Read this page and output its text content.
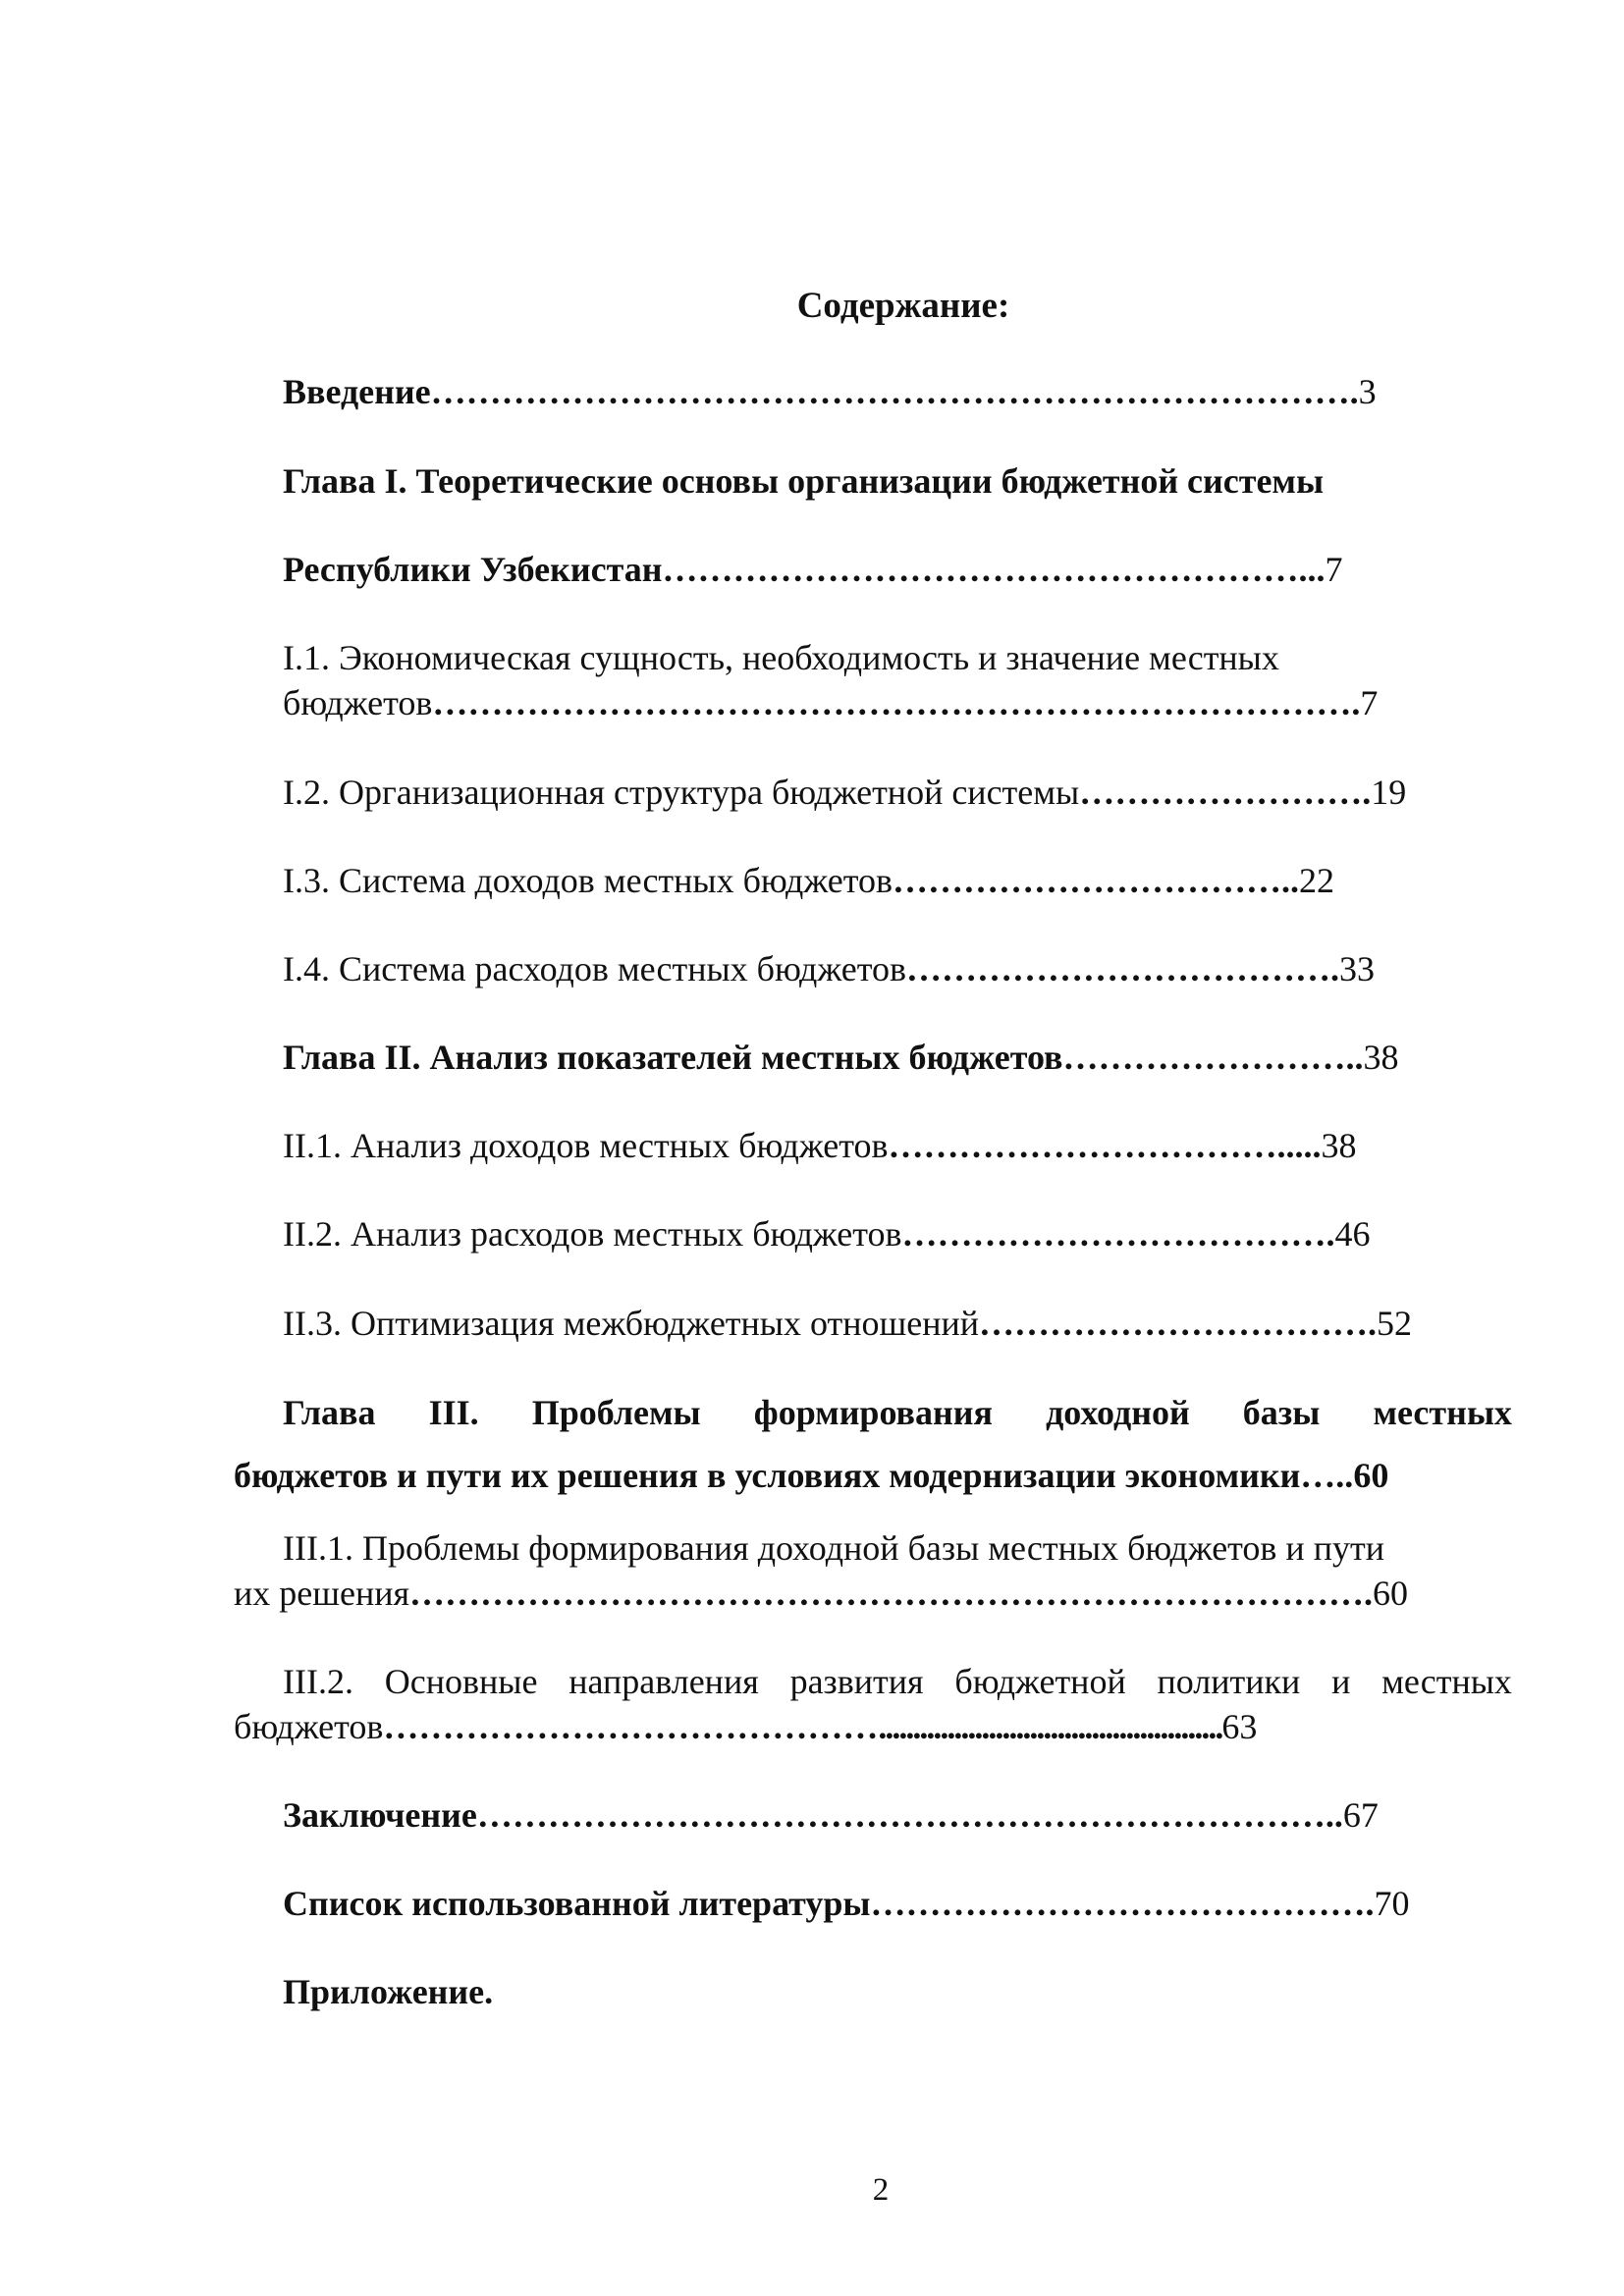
Содержание:
Введение…………………………………………………………………….3
Глава I. Теоретические основы организации бюджетной системы
Республики Узбекистан………………………………………………...7
I.1. Экономическая сущность, необходимость и значение местных
бюджетов…………………………………………………………………….7
I.2. Организационная структура бюджетной системы…………………….19
I.3. Система доходов местных бюджетов……………………………..22
I.4. Система расходов местных бюджетов……………………………….33
Глава II. Анализ показателей местных бюджетов……………………..38
II.1. Анализ доходов местных бюджетов…………………………….....38
II.2. Анализ расходов местных бюджетов……………………………….46
II.3. Оптимизация межбюджетных отношений…………………………….52
Глава III. Проблемы формирования доходной базы местных
бюджетов и пути их решения в условиях модернизации экономики…..60
III.1. Проблемы формирования доходной базы местных бюджетов и пути
их решения……………………………………………………………………….60
III.2. Основные направления развития бюджетной политики и местных
бюджетов……………………………………..................................................63
Заключение………………………………………………………………..67
Список использованной литературы…………………………………….70
Приложение.
2
